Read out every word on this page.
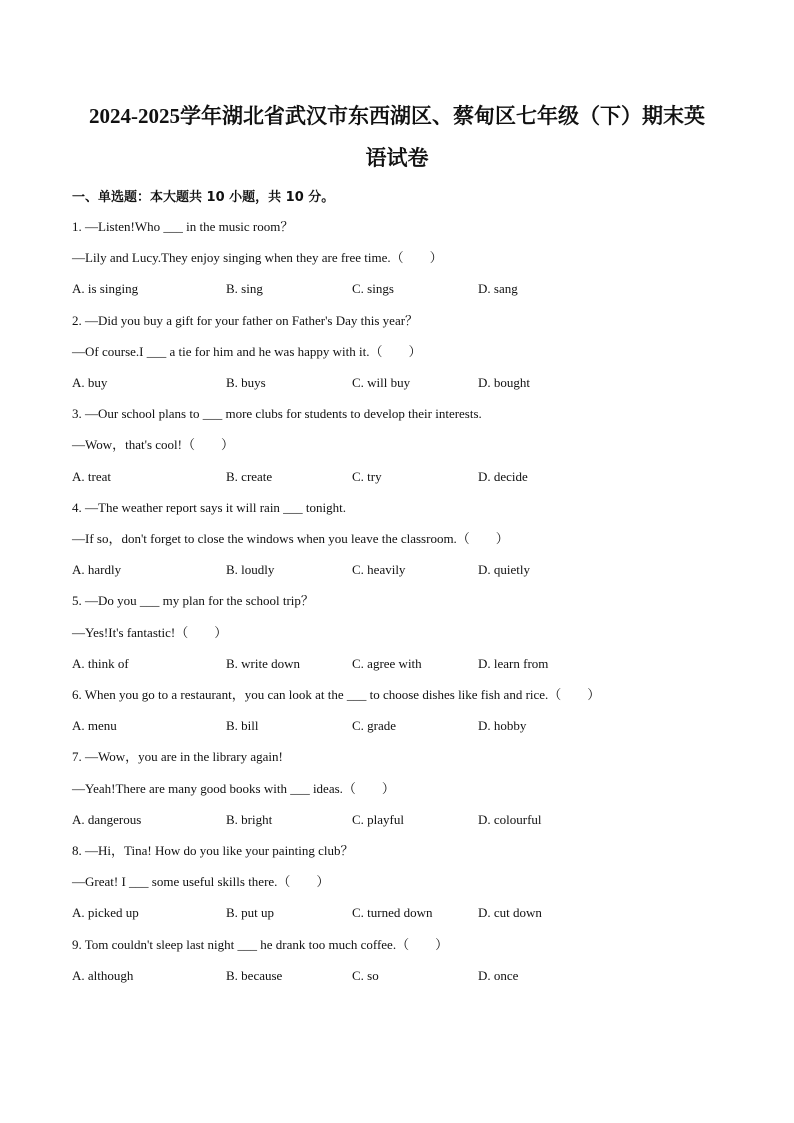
2024-2025学年湖北省武汉市东西湖区、蔡甸区七年级（下）期末英
语试卷
一、单选题：本大题共 10 小题，共 10 分。
1. —Listen!Who ___ in the music room？
—Lily and Lucy.They enjoy singing when they are free time.（　　）
A. is singing	B. sing	C. sings	D. sang
2. —Did you buy a gift for your father on Father's Day this year？
—Of course.I ___ a tie for him and he was happy with it.（　　）
A. buy	B. buys	C. will buy	D. bought
3. —Our school plans to ___ more clubs for students to develop their interests.
—Wow，that's cool!（　　）
A. treat	B. create	C. try	D. decide
4. —The weather report says it will rain ___ tonight.
—If so，don't forget to close the windows when you leave the classroom.（　　）
A. hardly	B. loudly	C. heavily	D. quietly
5. —Do you ___ my plan for the school trip？
—Yes!It's fantastic!（　　）
A. think of	B. write down	C. agree with	D. learn from
6. When you go to a restaurant，you can look at the ___ to choose dishes like fish and rice.（　　）
A. menu	B. bill	C. grade	D. hobby
7. —Wow，you are in the library again!
—Yeah!There are many good books with ___ ideas.（　　）
A. dangerous	B. bright	C. playful	D. colourful
8. —Hi，Tina! How do you like your painting club？
—Great! I ___ some useful skills there.（　　）
A. picked up	B. put up	C. turned down	D. cut down
9. Tom couldn't sleep last night ___ he drank too much coffee.（　　）
A. although	B. because	C. so	D. once
